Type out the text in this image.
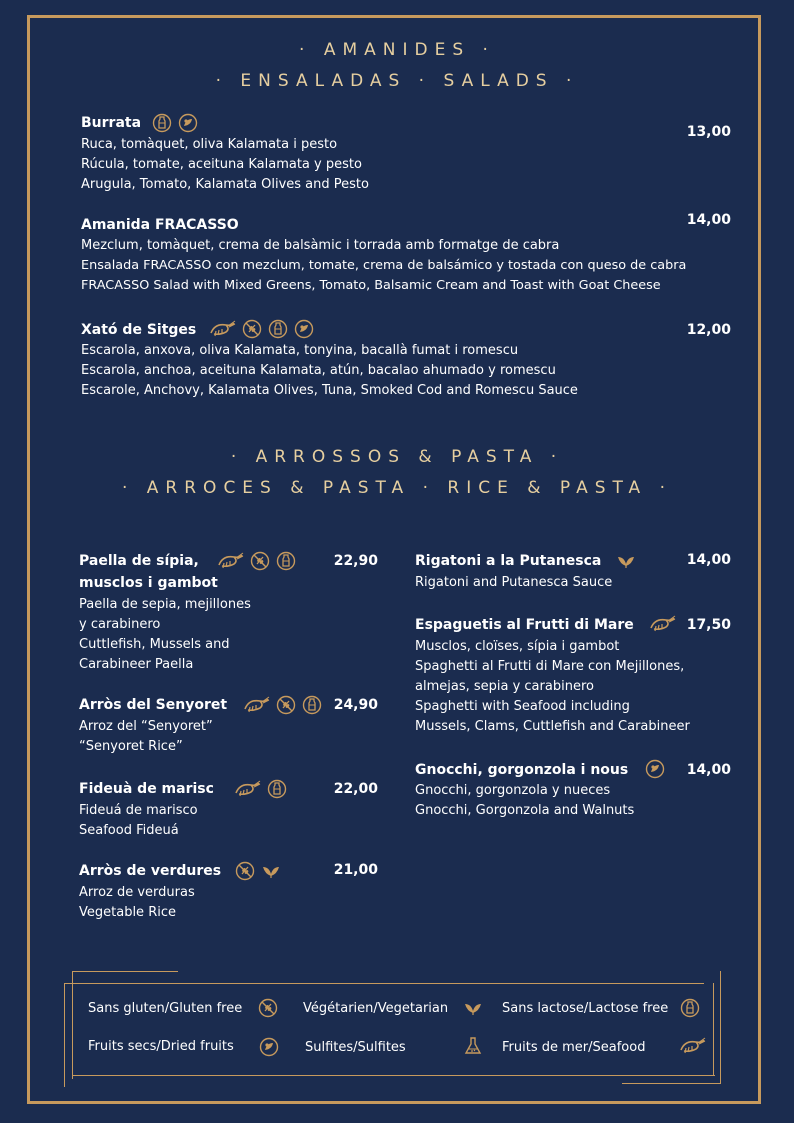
· AMANIDES ·
· ENSALADAS · SALADS ·
· ARROSSOS & PASTA ·
· ARROCES & PASTA · RICE & PASTA ·
Burrata
13,00
Ruca, tomàquet, oliva Kalamata i pesto
Rúcula, tomate, aceituna Kalamata y pesto
Arugula, Tomato, Kalamata Olives and Pesto
Amanida FRACASSO	14,00
Mezclum, tomàquet, crema de balsàmic i torrada amb formatge de cabra
Ensalada FRACASSO con mezclum, tomate, crema de balsámico y tostada con queso de cabra
FRACASSO Salad with Mixed Greens, Tomato, Balsamic Cream and Toast with Goat Cheese
Xató de Sitges	12,00
Escarola, anxova, oliva Kalamata, tonyina, bacallà fumat i romescu
Escarola, anchoa, aceituna Kalamata, atún, bacalao ahumado y romescu
Escarole, Anchovy, Kalamata Olives, Tuna, Smoked Cod and Romescu Sauce
Paella de sípia,
musclos i gambot
22,90
Paella de sepia, mejillones
y carabinero
Cuttlefish, Mussels and
Carabineer Paella
Arròs del Senyoret	24,90
Arroz del “Senyoret”
“Senyoret Rice”
Fideuà de marisc	22,00
Fideuá de marisco
Seafood Fideuá
Arròs de verdures	21,00
Arroz de verduras
Vegetable Rice
Rigatoni a la Putanesca	14,00
Rigatoni and Putanesca Sauce
Espaguetis al Frutti di Mare	17,50
Musclos, cloïses, sípia i gambot
Spaghetti al Frutti di Mare con Mejillones,
almejas, sepia y carabinero
Spaghetti with Seafood including
Mussels, Clams, Cuttlefish and Carabineer
Gnocchi, gorgonzola i nous	14,00
Gnocchi, gorgonzola y nueces
Gnocchi, Gorgonzola and Walnuts
Sans gluten/Gluten free	Végétarien/Vegetarian	Sans lactose/Lactose free
Fruits secs/Dried fruits	Sulfites/Sulfites	Fruits de mer/Seafood
